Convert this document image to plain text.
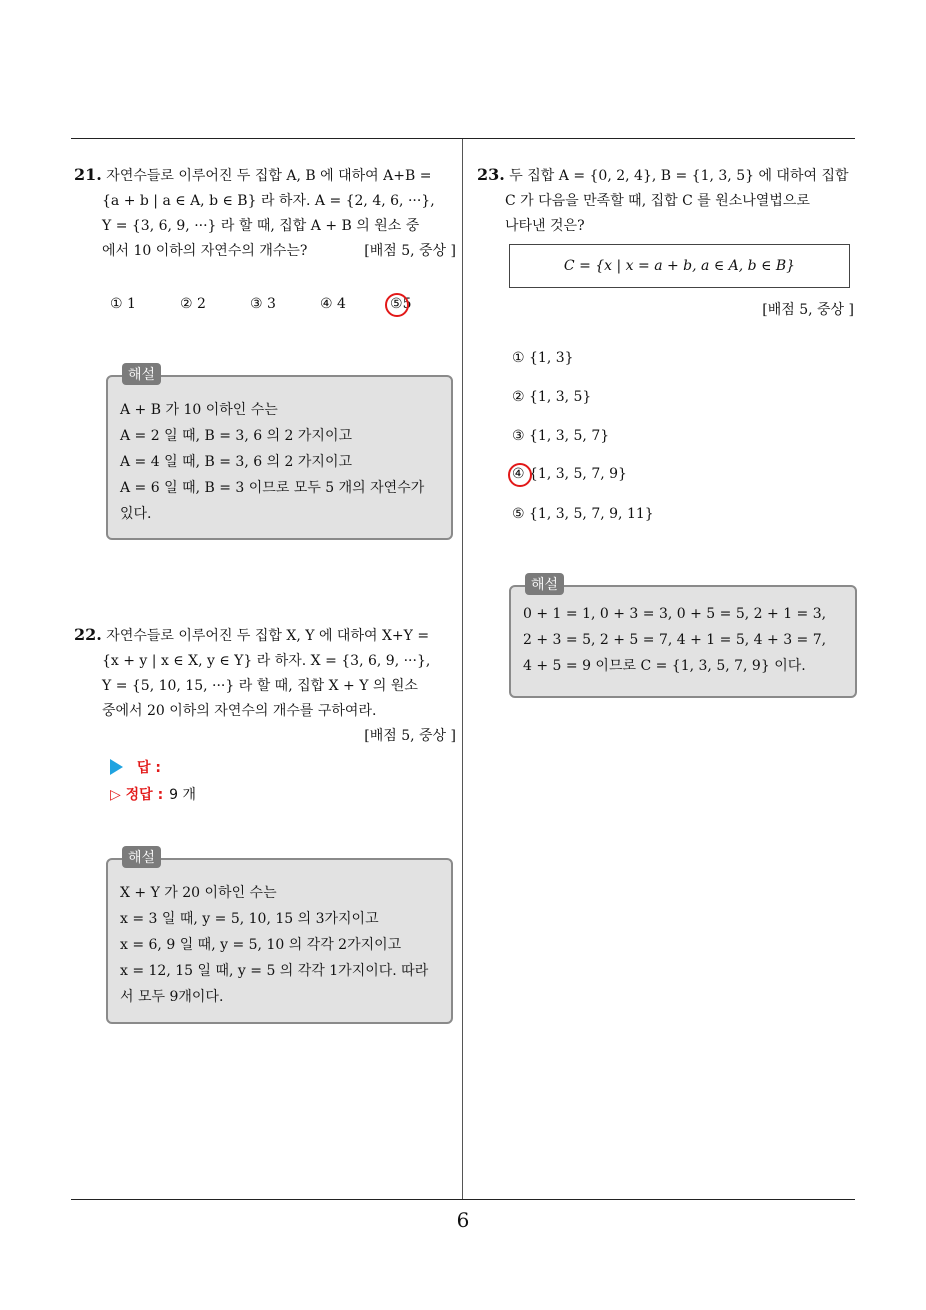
21. 자연수들로 이루어진 두 집합 A, B 에 대하여 A+B =
{a + b | a ∈ A, b ∈ B} 라 하자. A = {2, 4, 6, ···},
Y = {3, 6, 9, ···} 라 할 때, 집합 A + B 의 원소 중
에서 10 이하의 자연수의 개수는?	[배점 5, 중상 ]
① 1	② 2	③ 3	④ 4	⑤5
해설
A + B 가 10 이하인 수는
A = 2 일 때, B = 3, 6 의 2 가지이고
A = 4 일 때, B = 3, 6 의 2 가지이고
A = 6 일 때, B = 3 이므로 모두 5 개의 자연수가
있다.
22. 자연수들로 이루어진 두 집합 X, Y 에 대하여 X+Y =
{x + y | x ∈ X, y ∈ Y} 라 하자. X = {3, 6, 9, ···},
Y = {5, 10, 15, ···} 라 할 때, 집합 X + Y 의 원소
중에서 20 이하의 자연수의 개수를 구하여라.
[배점 5, 중상 ]
답 :
▷ 정답 : 9 개
해설
X + Y 가 20 이하인 수는
x = 3 일 때, y = 5, 10, 15 의 3가지이고
x = 6, 9 일 때, y = 5, 10 의 각각 2가지이고
x = 12, 15 일 때, y = 5 의 각각 1가지이다. 따라
서 모두 9개이다.
23. 두 집합 A = {0, 2, 4}, B = {1, 3, 5} 에 대하여 집합
C 가 다음을 만족할 때, 집합 C 를 원소나열법으로
나타낸 것은?
C = {x | x = a + b, a ∈ A, b ∈ B}
[배점 5, 중상 ]
① {1, 3}
② {1, 3, 5}
③ {1, 3, 5, 7}
④ {1, 3, 5, 7, 9}
⑤ {1, 3, 5, 7, 9, 11}
해설
0 + 1 = 1, 0 + 3 = 3, 0 + 5 = 5, 2 + 1 = 3,
2 + 3 = 5, 2 + 5 = 7, 4 + 1 = 5, 4 + 3 = 7,
4 + 5 = 9 이므로 C = {1, 3, 5, 7, 9} 이다.
6
